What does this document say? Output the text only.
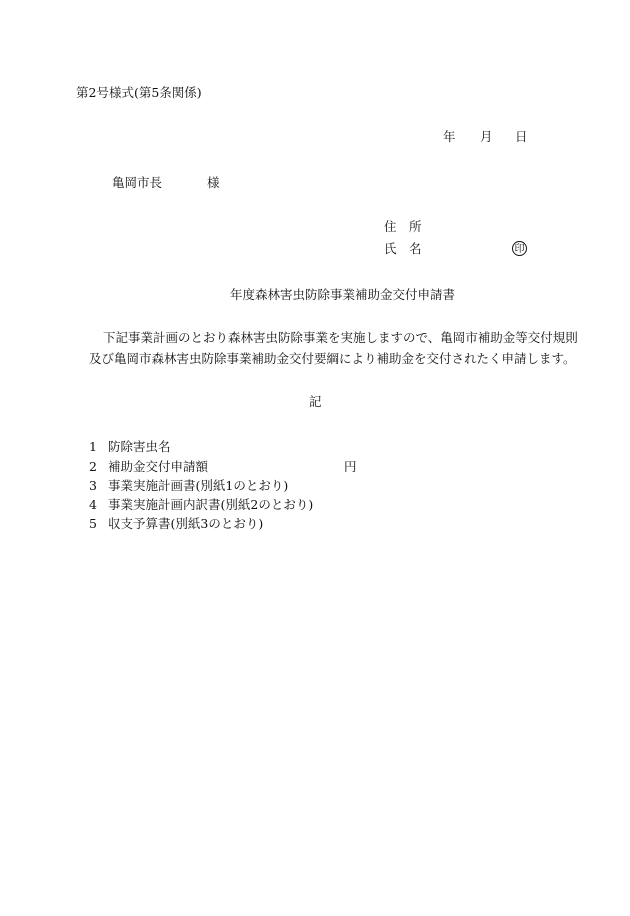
第2号様式(第5条関係)
年 月 日
亀岡市長	様
住　所
氏　名	印
年度森林害虫防除事業補助金交付申請書
下記事業計画のとおり森林害虫防除事業を実施しますので、亀岡市補助金等交付規則
及び亀岡市森林害虫防除事業補助金交付要綱により補助金を交付されたく申請します。
記
1 防除害虫名
2 補助金交付申請額	円
3 事業実施計画書(別紙1のとおり)
4 事業実施計画内訳書(別紙2のとおり)
5 収支予算書(別紙3のとおり)
